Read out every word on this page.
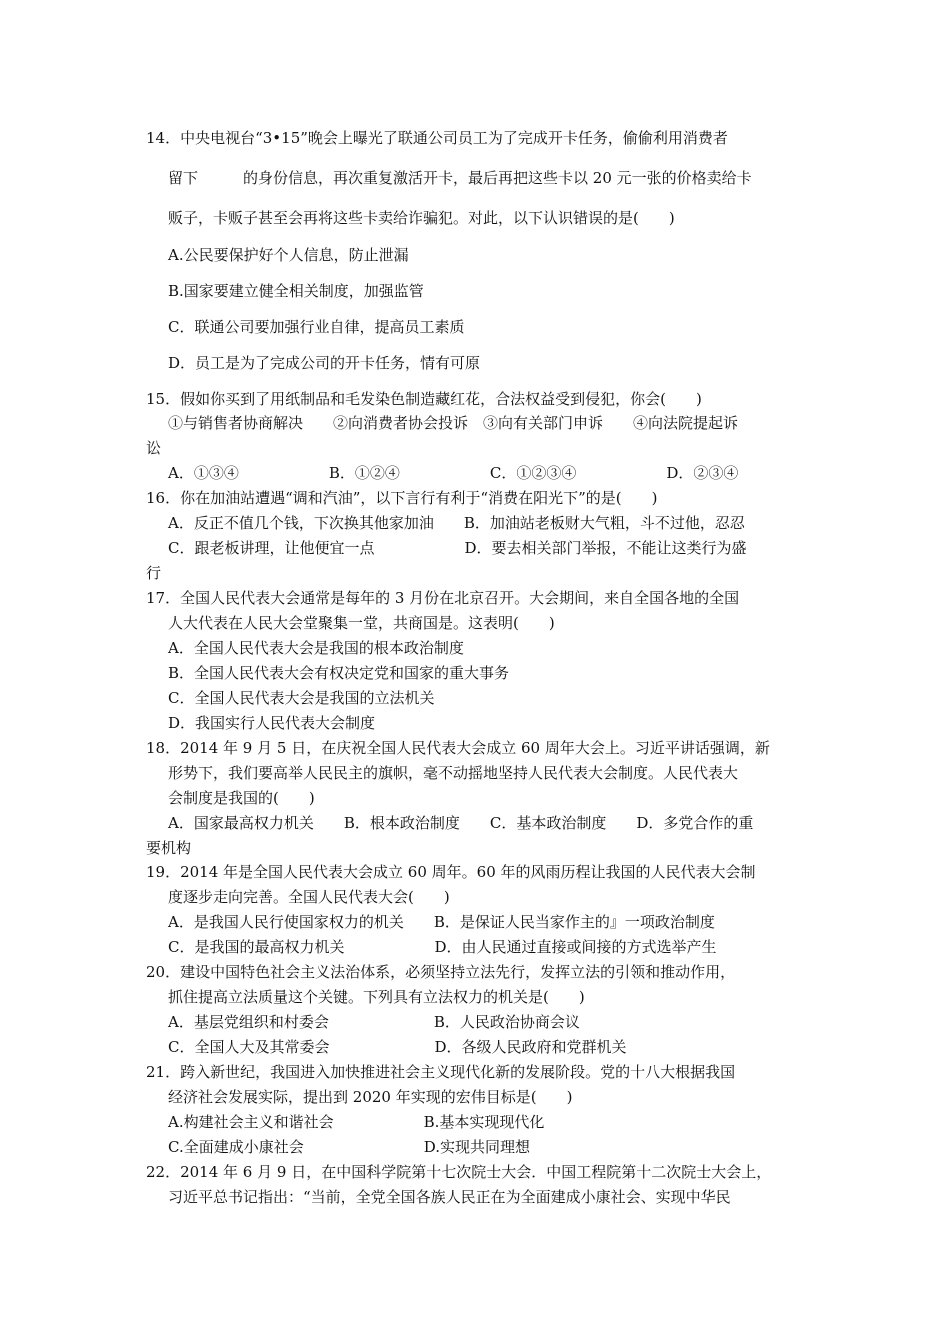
14．中央电视台“3•15”晚会上曝光了联通公司员工为了完成开卡任务，偷偷利用消费者
留下　　　的身份信息，再次重复激活开卡，最后再把这些卡以 20 元一张的价格卖给卡
贩子，卡贩子甚至会再将这些卡卖给诈骗犯。对此，以下认识错误的是(　　)
A.公民要保护好个人信息，防止泄漏
B.国家要建立健全相关制度，加强监管
C．联通公司要加强行业自律，提高员工素质
D．员工是为了完成公司的开卡任务，情有可原
15．假如你买到了用纸制品和毛发染色制造藏红花，合法权益受到侵犯，你会(　　)
①与销售者协商解决　　②向消费者协会投诉　③向有关部门申诉　　④向法院提起诉
讼
A．①③④　　　　　　B．①②④　　　　　　C．①②③④　　　　　　D．②③④
16．你在加油站遭遇“调和汽油”，以下言行有利于“消费在阳光下”的是(　　)
A．反正不值几个钱，下次换其他家加油　　B．加油站老板财大气粗，斗不过他，忍忍
C．跟老板讲理，让他便宜一点　　　　　　D．要去相关部门举报，不能让这类行为盛
行
17．全国人民代表大会通常是每年的 3 月份在北京召开。大会期间，来自全国各地的全国
人大代表在人民大会堂聚集一堂，共商国是。这表明(　　)
A．全国人民代表大会是我国的根本政治制度
B．全国人民代表大会有权决定党和国家的重大事务
C．全国人民代表大会是我国的立法机关
D．我国实行人民代表大会制度
18．2014 年 9 月 5 日，在庆祝全国人民代表大会成立 60 周年大会上。习近平讲话强调，新
形势下，我们要高举人民民主的旗帜，毫不动摇地坚持人民代表大会制度。人民代表大
会制度是我国的(　　)
A．国家最高权力机关　　B．根本政治制度　　C．基本政治制度　　D．多党合作的重
要机构
19．2014 年是全国人民代表大会成立 60 周年。60 年的风雨历程让我国的人民代表大会制
度逐步走向完善。全国人民代表大会(　　)
A．是我国人民行使国家权力的机关　　B．是保证人民当家作主的』一项政治制度
C．是我国的最高权力机关　　　　　　D．由人民通过直接或间接的方式选举产生
20．建设中国特色社会主义法治体系，必须坚持立法先行，发挥立法的引领和推动作用，
抓住提高立法质量这个关键。下列具有立法权力的机关是(　　)
A．基层党组织和村委会　　　　　　　B．人民政治协商会议
C．全国人大及其常委会　　　　　　　D．各级人民政府和党群机关
21．跨入新世纪，我国进入加快推进社会主义现代化新的发展阶段。党的十八大根据我国
经济社会发展实际，提出到 2020 年实现的宏伟目标是(　　)
A.构建社会主义和谐社会　　　　　　B.基本实现现代化
C.全面建成小康社会　　　　　　　　D.实现共同理想
22．2014 年 6 月 9 日，在中国科学院第十七次院士大会．中国工程院第十二次院士大会上，
习近平总书记指出：“当前，全党全国各族人民正在为全面建成小康社会、实现中华民
